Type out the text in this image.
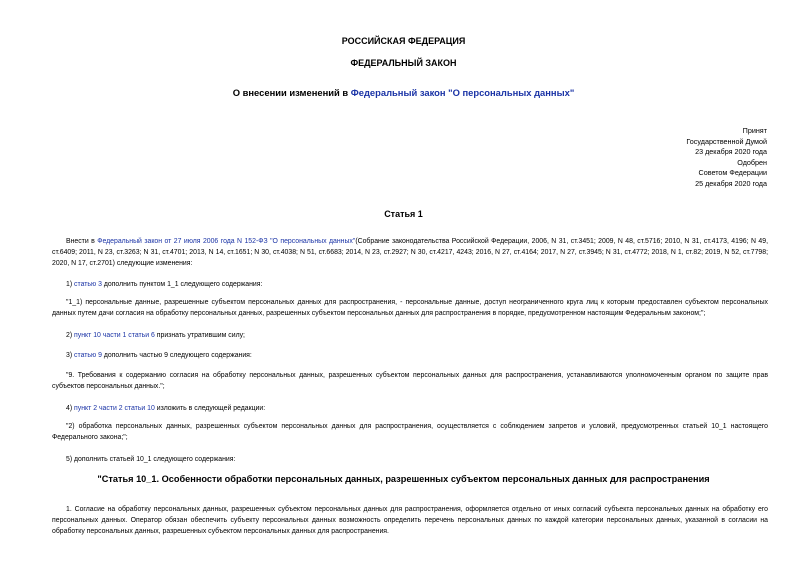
РОССИЙСКАЯ ФЕДЕРАЦИЯ
ФЕДЕРАЛЬНЫЙ ЗАКОН
О внесении изменений в Федеральный закон "О персональных данных"
Принят
Государственной Думой
23 декабря 2020 года
Одобрен
Советом Федерации
25 декабря 2020 года
Статья 1
Внести в Федеральный закон от 27 июля 2006 года N 152-ФЗ "О персональных данных"(Собрание законодательства Российской Федерации, 2006, N 31, ст.3451; 2009, N 48, ст.5716; 2010, N 31, ст.4173, 4196; N 49, ст.6409; 2011, N 23, ст.3263; N 31, ст.4701; 2013, N 14, ст.1651; N 30, ст.4038; N 51, ст.6683; 2014, N 23, ст.2927; N 30, ст.4217, 4243; 2016, N 27, ст.4164; 2017, N 27, ст.3945; N 31, ст.4772; 2018, N 1, ст.82; 2019, N 52, ст.7798; 2020, N 17, ст.2701) следующие изменения:
1) статью 3 дополнить пунктом 1_1 следующего содержания:
"1_1) персональные данные, разрешенные субъектом персональных данных для распространения, - персональные данные, доступ неограниченного круга лиц к которым предоставлен субъектом персональных данных путем дачи согласия на обработку персональных данных, разрешенных субъектом персональных данных для распространения в порядке, предусмотренном настоящим Федеральным законом;";
2) пункт 10 части 1 статьи 6 признать утратившим силу;
3) статью 9 дополнить частью 9 следующего содержания:
"9. Требования к содержанию согласия на обработку персональных данных, разрешенных субъектом персональных данных для распространения, устанавливаются уполномоченным органом по защите прав субъектов персональных данных.";
4) пункт 2 части 2 статьи 10 изложить в следующей редакции:
"2) обработка персональных данных, разрешенных субъектом персональных данных для распространения, осуществляется с соблюдением запретов и условий, предусмотренных статьей 10_1 настоящего Федерального закона;";
5) дополнить статьей 10_1 следующего содержания:
"Статья 10_1. Особенности обработки персональных данных, разрешенных субъектом персональных данных для распространения
1. Согласие на обработку персональных данных, разрешенных субъектом персональных данных для распространения, оформляется отдельно от иных согласий субъекта персональных данных на обработку его персональных данных. Оператор обязан обеспечить субъекту персональных данных возможность определить перечень персональных данных по каждой категории персональных данных, указанной в согласии на обработку персональных данных, разрешенных субъектом персональных данных для распространения.
